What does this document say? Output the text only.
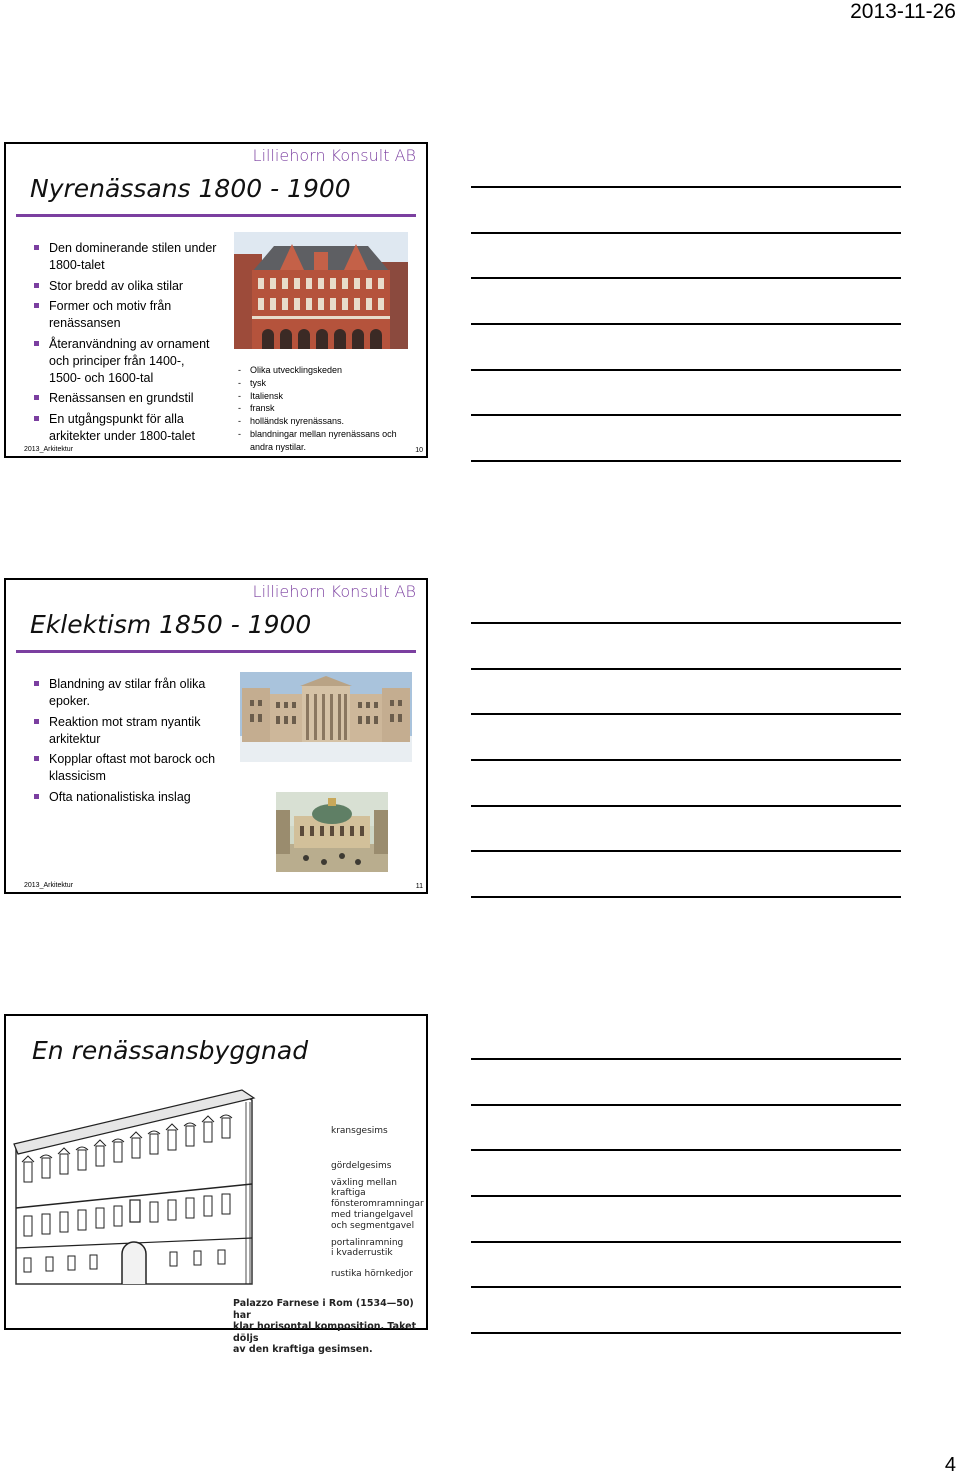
2013-11-26
Lilliehorn Konsult AB
Nyrenässans 1800 - 1900
Den dominerande stilen under 1800-talet
Stor bredd av olika stilar
Former och motiv från renässansen
Återanvändning av ornament och principer från 1400-, 1500- och 1600-tal
Renässansen en grundstil
En utgångspunkt för alla arkitekter under 1800-talet
- Olika utvecklingskeden
- tysk
- Italiensk
- fransk
- holländsk nyrenässans.
- blandningar mellan nyrenässans och andra nystilar.
2013_Arkitektur	10
Lilliehorn Konsult AB
Eklektism 1850 - 1900
Blandning av stilar från olika epoker.
Reaktion mot stram nyantik arkitektur
Kopplar oftast mot barock och klassicism
Ofta nationalistiska inslag
2013_Arkitektur	11
En renässansbyggnad
kransgesims
gördelgesims
växling mellan
kraftiga
fönsteromramningar
med triangelgavel
och segmentgavel
portalinramning
i kvaderrustik
rustika hörnkedjor
Palazzo Farnese i Rom (1534—50) har
klar horisontal komposition. Taket döljs
av den kraftiga gesimsen.
4
